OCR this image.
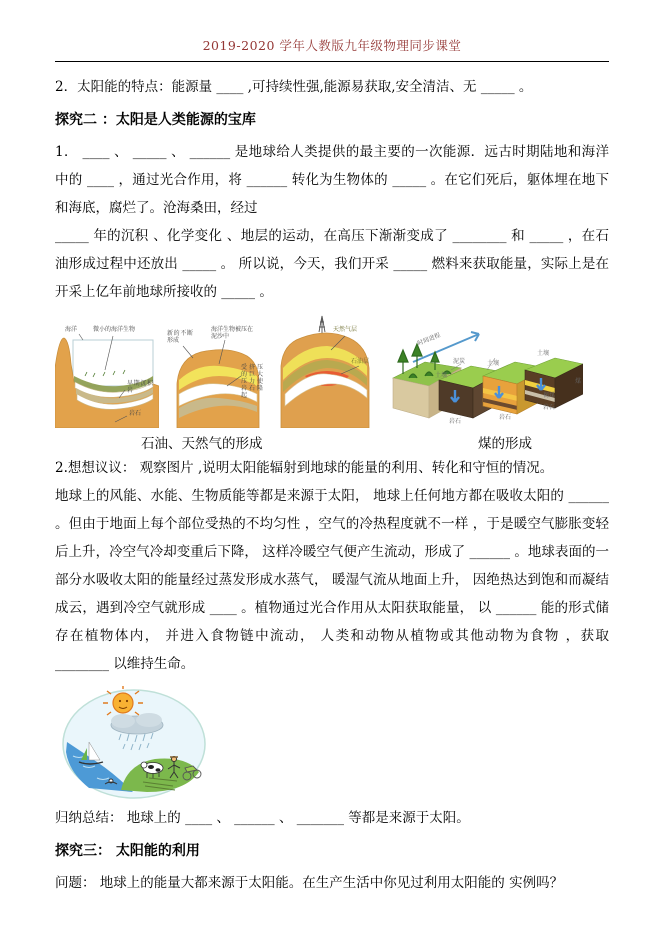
2019-2020 学年人教版九年级物理同步课堂

2．太阳能的特点：能源量 ____ ,可持续性强,能源易获取,安全清洁、无 _____ 。

探究二 ：太阳是人类能源的宝库

1． ____ 、 _____ 、 ______ 是地球给人类提供的最主要的一次能源．远古时期陆地和海洋中的 ____ ，通过光合作用，将 ______ 转化为生物体的 _____ 。在它们死后，躯体埋在地下和海底，腐烂了。沧海桑田，经过

_____ 年的沉积 、化学变化 、地层的运动，在高压下渐渐变成了 ________ 和 _____ ，在石油形成过程中还放出 _____ 。 所以说，今天，我们开采 _____ 燃料来获取能量，实际上是在开采上亿年前地球所接收的 _____ 。

海洋	微小的海洋生物
早期沉积岩
岩石
新的不断形成
海洋生物被压在泥沙中
受挤压的巨大压力使岩石隆起
天然气层
石油层
时间进程
泥炭
土壤
土壤
土壤
岩石
岩石
岩石
褐煤
煤
石油、天然气的形成	煤的形成

2.想想议议： 观察图片 ,说明太阳能辐射到地球的能量的利用、转化和守恒的情况。

地球上的风能、水能、生物质能等都是来源于太阳， 地球上任何地方都在吸收太阳的 ______ 。但由于地面上每个部位受热的不均匀性 ，空气的冷热程度就不一样 ，于是暖空气膨胀变轻后上升，冷空气冷却变重后下降， 这样冷暖空气便产生流动，形成了 ______ 。地球表面的一部分水吸收太阳的能量经过蒸发形成水蒸气， 暖湿气流从地面上升， 因绝热达到饱和而凝结成云，遇到冷空气就形成 ____ 。植物通过光合作用从太阳获取能量， 以 ______ 能的形式储存在植物体内， 并进入食物链中流动， 人类和动物从植物或其他动物为食物 ，获取 ________ 以维持生命。

归纳总结： 地球上的 ____ 、 ______ 、 _______ 等都是来源于太阳。

探究三： 太阳能的利用

问题： 地球上的能量大都来源于太阳能。在生产生活中你见过利用太阳能的 实例吗？
